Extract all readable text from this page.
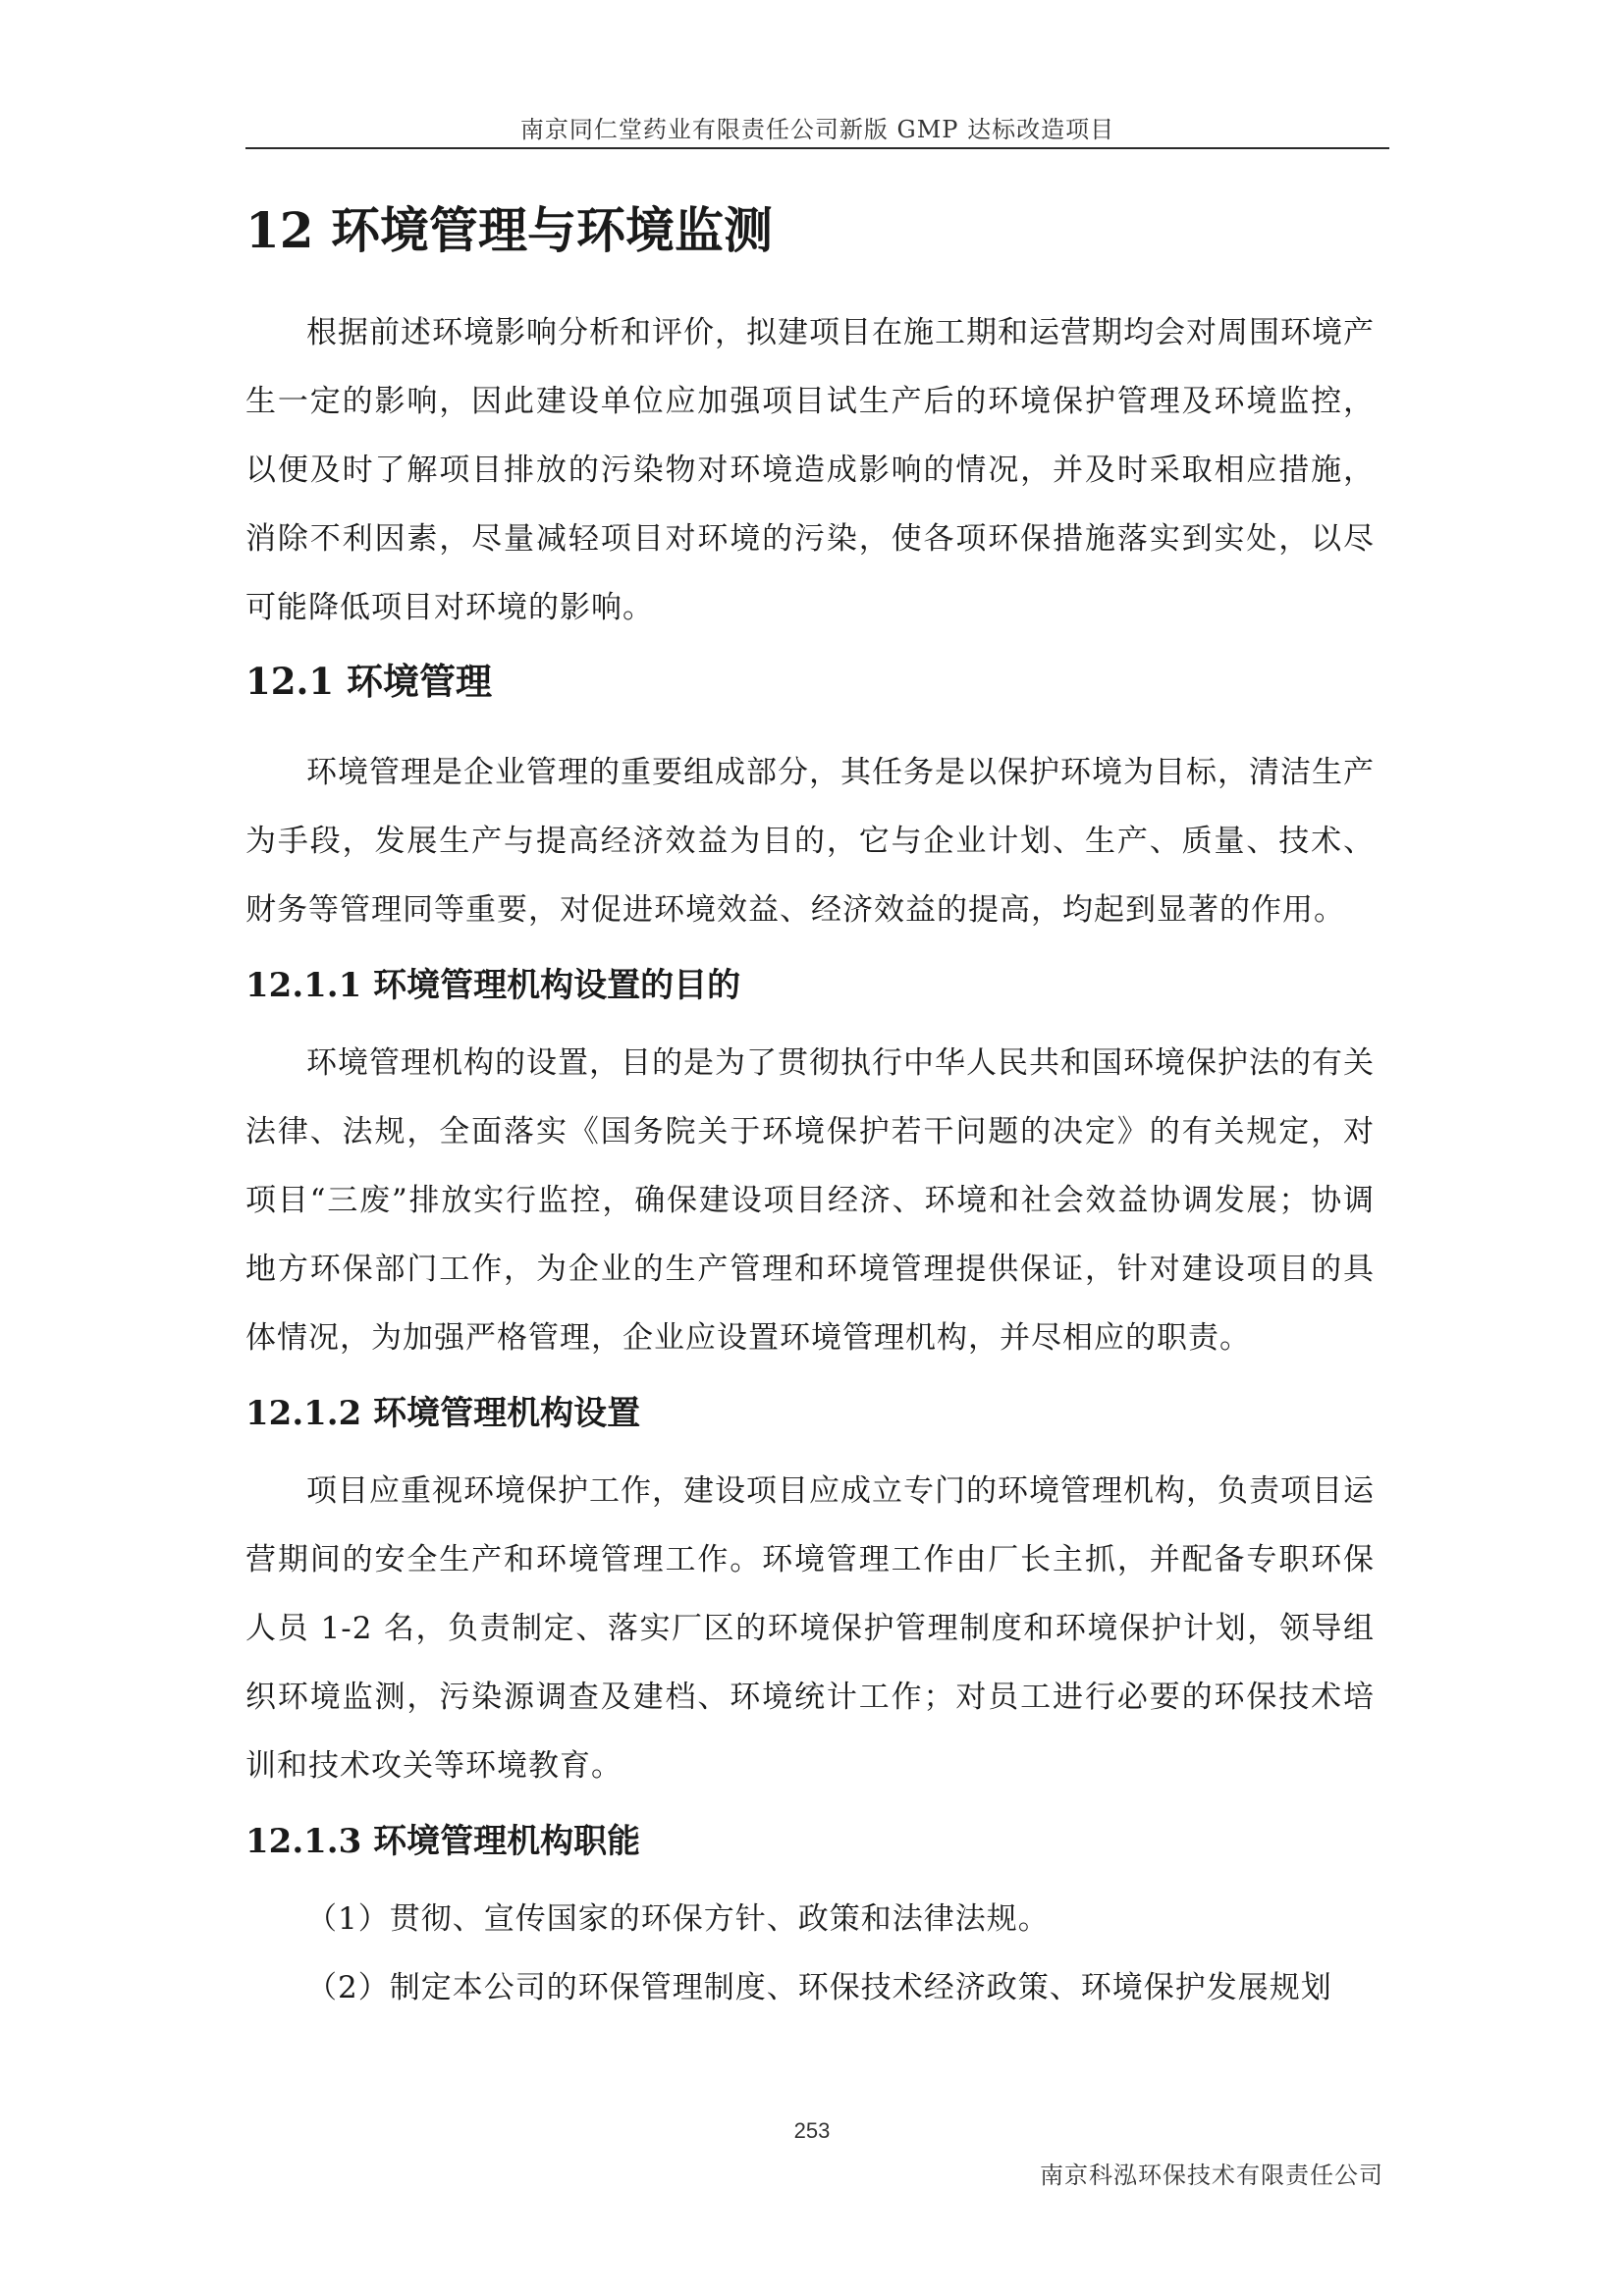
南京同仁堂药业有限责任公司新版 GMP 达标改造项目
12 环境管理与环境监测

根据前述环境影响分析和评价，拟建项目在施工期和运营期均会对周围环境产生一定的影响，因此建设单位应加强项目试生产后的环境保护管理及环境监控，以便及时了解项目排放的污染物对环境造成影响的情况，并及时采取相应措施，消除不利因素，尽量减轻项目对环境的污染，使各项环保措施落实到实处，以尽可能降低项目对环境的影响。

12.1 环境管理

环境管理是企业管理的重要组成部分，其任务是以保护环境为目标，清洁生产为手段，发展生产与提高经济效益为目的，它与企业计划、生产、质量、技术、财务等管理同等重要，对促进环境效益、经济效益的提高，均起到显著的作用。

12.1.1 环境管理机构设置的目的

环境管理机构的设置，目的是为了贯彻执行中华人民共和国环境保护法的有关法律、法规，全面落实《国务院关于环境保护若干问题的决定》的有关规定，对项目“三废”排放实行监控，确保建设项目经济、环境和社会效益协调发展；协调地方环保部门工作，为企业的生产管理和环境管理提供保证，针对建设项目的具体情况，为加强严格管理，企业应设置环境管理机构，并尽相应的职责。

12.1.2 环境管理机构设置

项目应重视环境保护工作，建设项目应成立专门的环境管理机构，负责项目运营期间的安全生产和环境管理工作。环境管理工作由厂长主抓，并配备专职环保人员 1-2 名，负责制定、落实厂区的环境保护管理制度和环境保护计划，领导组织环境监测，污染源调查及建档、环境统计工作；对员工进行必要的环保技术培训和技术攻关等环境教育。

12.1.3 环境管理机构职能

（1）贯彻、宣传国家的环保方针、政策和法律法规。

（2）制定本公司的环保管理制度、环保技术经济政策、环境保护发展规划

253
南京科泓环保技术有限责任公司
